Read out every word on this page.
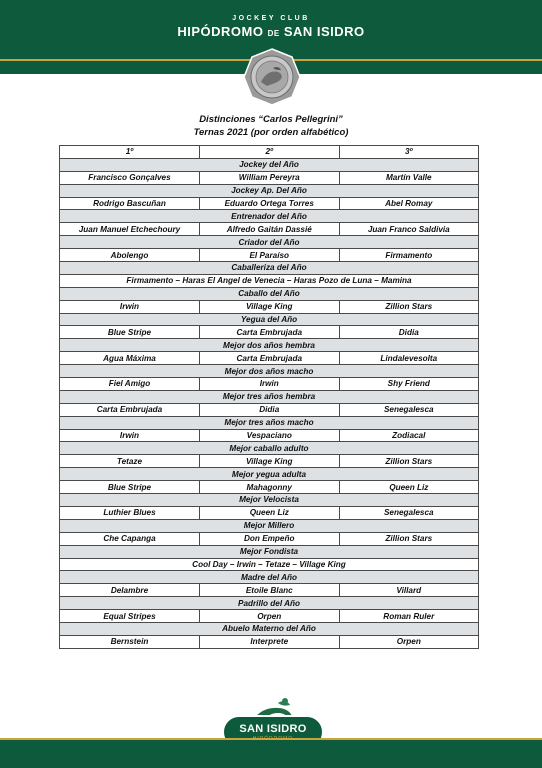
JOCKEY CLUB
HIPÓDROMO DE SAN ISIDRO
Distinciones “Carlos Pellegrini”
Ternas 2021 (por orden alfabético)
1º	2º	3º
Jockey del Año		
Francisco Gonçalves	William Pereyra	Martín Valle
Jockey Ap. Del Año		
Rodrigo Bascuñan	Eduardo Ortega Torres	Abel Romay
Entrenador del Año		
Juan Manuel Etchechoury	Alfredo Gaitán Dassié	Juan Franco Saldivia
Criador del Año		
Abolengo	El Paraíso	Firmamento
Caballeriza del Año		
Firmamento – Haras El Angel de Venecia – Haras Pozo de Luna – Mamina		
Caballo del Año		
Irwin	Village King	Zillion Stars
Yegua del Año		
Blue Stripe	Carta Embrujada	Didia
Mejor dos años hembra		
Agua Máxima	Carta Embrujada	Lindalevesolta
Mejor dos años macho		
Fiel Amigo	Irwin	Shy Friend
Mejor tres años hembra		
Carta Embrujada	Didia	Senegalesca
Mejor tres años macho		
Irwin	Vespaciano	Zodiacal
Mejor caballo adulto		
Tetaze	Village King	Zillion Stars
Mejor yegua adulta		
Blue Stripe	Mahagonny	Queen Liz
Mejor Velocista		
Luthier Blues	Queen Liz	Senegalesca
Mejor Millero		
Che Capanga	Don Empeño	Zillion Stars
Mejor Fondista		
Cool Day – Irwin – Tetaze – Village King		
Madre del Año		
Delambre	Etoile Blanc	Villard
Padrillo del Año		
Equal Stripes	Orpen	Roman Ruler
Abuelo Materno del Año		
Bernstein	Interprete	Orpen
SAN ISIDRO
